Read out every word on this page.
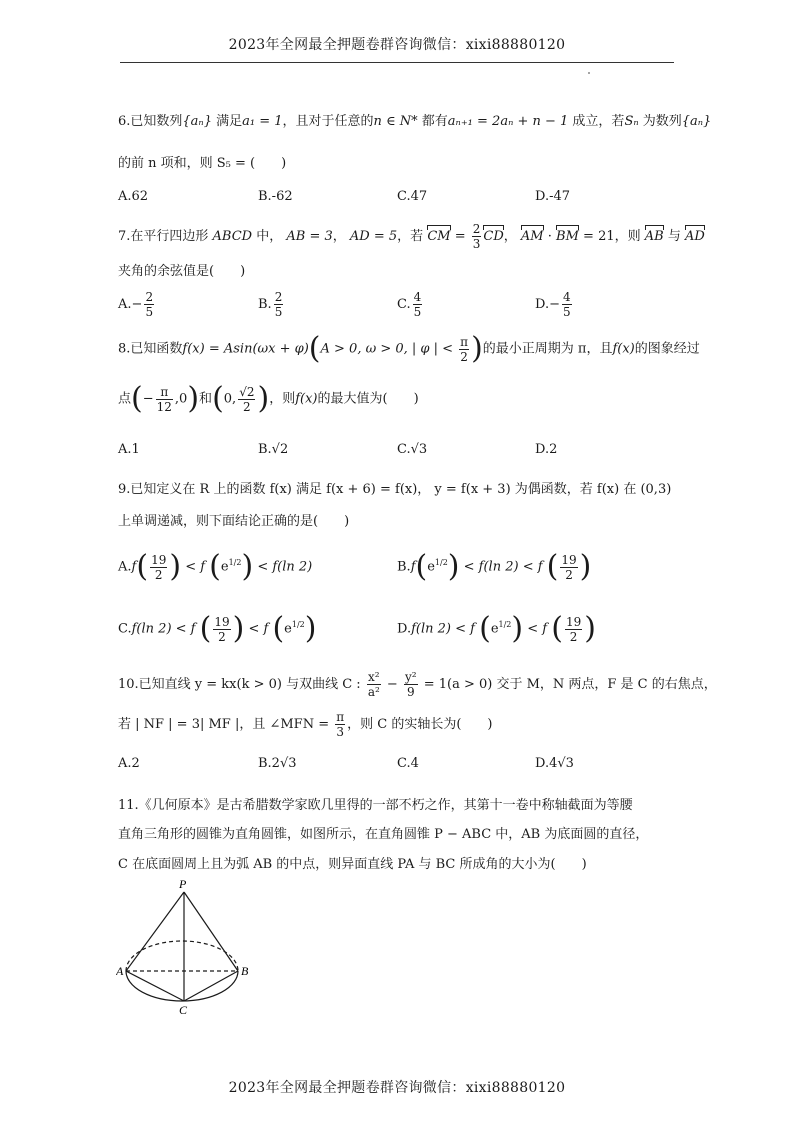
2023年全网最全押题卷群咨询微信：xixi88880120
6.已知数列{aₙ} 满足a₁ = 1，且对于任意的n ∈ N* 都有aₙ₊₁ = 2aₙ + n − 1 成立，若Sₙ 为数列{aₙ}
的前 n 项和，则 S₅ = (　　)
A.62	B.-62	C.47	D.-47
7.在平行四边形 ABCD 中， AB = 3， AD = 5，若 CM = $\frac{2}{3}$ CD， AM · BM = 21，则 AB 与 AD
夹角的余弦值是(　　)
$A.- \frac{2}{5}$	B. $\frac{2}{5}$	C. $\frac{4}{5}$	$D.- \frac{4}{5}$
8.已知函数f(x) = Asin(ωx + φ)(A > 0, ω > 0, | φ | < $\frac{\pi}{2}$ )的最小正周期为 π，且f(x)的图象经过
点(− $\frac{\pi}{12} ,0$)和(0, $\frac{√2}{2}$ )，则f(x)的最大值为(　　)
A.1	B.√2	C.√3	D.2
9.已知定义在 R 上的函数 f(x) 满足 f(x + 6) = f(x)， y = f(x + 3) 为偶函数，若 f(x) 在 (0,3)
上单调递减，则下面结论正确的是(　　)
$A.f( \frac{19}{2}$ ) < f $(e^{1/2}) < f(\ln$ 2)	$B.f(e^{1/2}) < f(\ln$ 2) < f ( $\frac{19}{2}$ )
C.f(ln 2) < f ( $\frac{19}{2}$ ) < f $(e^{1/2})$	D.f(ln 2) < f $(e^{1/2}) < f$ ( $\frac{19}{2}$ )
10.已知直线 y = kx(k > 0) 与双曲线 C : $\frac{\text{x²}}{\text{a²}} - \frac{\text{y²}}{9} = 1(a > 0)$ 交于 M，N 两点，F 是 C 的右焦点，
若 | NF | = 3| MF |，且 ∠MFN = $\frac{\pi}{3}$ ，则 C 的实轴长为(　　)
A.2	B.2√3	C.4	D.4√3
11.《几何原本》是古希腊数学家欧几里得的一部不朽之作，其第十一卷中称轴截面为等腰
直角三角形的圆锥为直角圆锥，如图所示，在直角圆锥 P − ABC 中，AB 为底面圆的直径，
C 在底面圆周上且为弧 AB 的中点，则异面直线 PA 与 BC 所成角的大小为(　　)
P
A	B
C
2023年全网最全押题卷群咨询微信：xixi88880120
